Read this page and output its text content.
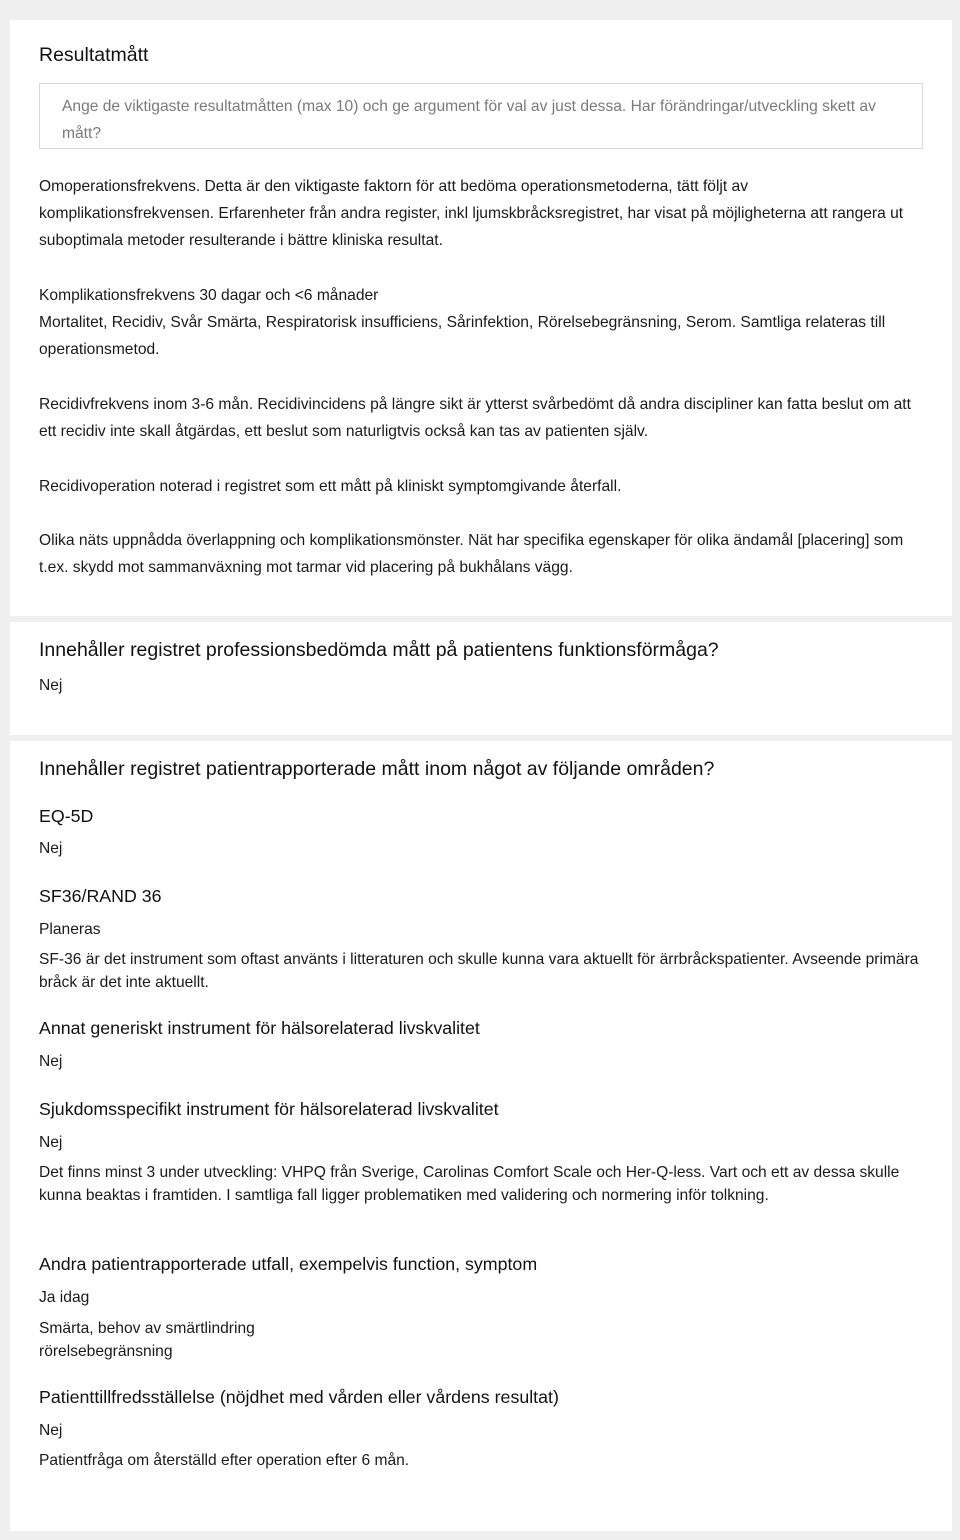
Resultatmått
Ange de viktigaste resultatmåtten (max 10) och ge argument för val av just dessa. Har förändringar/utveckling skett av mått?

Omoperationsfrekvens. Detta är den viktigaste faktorn för att bedöma operationsmetoderna, tätt följt av komplikationsfrekvensen. Erfarenheter från andra register, inkl ljumskbråcksregistret, har visat på möjligheterna att rangera ut suboptimala metoder resulterande i bättre kliniska resultat.

Komplikationsfrekvens 30 dagar och <6 månader

Mortalitet, Recidiv, Svår Smärta, Respiratorisk insufficiens, Sårinfektion, Rörelsebegränsning, Serom. Samtliga relateras till operationsmetod.

Recidivfrekvens inom 3-6 mån. Recidivincidens på längre sikt är ytterst svårbedömt då andra discipliner kan fatta beslut om att ett recidiv inte skall åtgärdas, ett beslut som naturligtvis också kan tas av patienten själv.

Recidivoperation noterad i registret som ett mått på kliniskt symptomgivande återfall.

Olika näts uppnådda överlappning och komplikationsmönster. Nät har specifika egenskaper för olika ändamål [placering] som t.ex. skydd mot sammanväxning mot tarmar vid placering på bukhålans vägg.

Innehåller registret professionsbedömda mått på patientens funktionsförmåga?

Nej

Innehåller registret patientrapporterade mått inom något av följande områden?
EQ-5D

Nej

SF36/RAND 36

Planeras

SF-36 är det instrument som oftast använts i litteraturen och skulle kunna vara aktuellt för ärrbråckspatienter. Avseende primära bråck är det inte aktuellt.

Annat generiskt instrument för hälsorelaterad livskvalitet

Nej

Sjukdomsspecifikt instrument för hälsorelaterad livskvalitet

Nej

Det finns minst 3 under utveckling: VHPQ från Sverige, Carolinas Comfort Scale och Her-Q-less. Vart och ett av dessa skulle kunna beaktas i framtiden. I samtliga fall ligger problematiken med validering och normering inför tolkning.

Andra patientrapporterade utfall, exempelvis function, symptom

Ja idag

Smärta, behov av smärtlindring
rörelsebegränsning

Patienttillfredsställelse (nöjdhet med vården eller vårdens resultat)

Nej

Patientfråga om återställd efter operation efter 6 mån.
